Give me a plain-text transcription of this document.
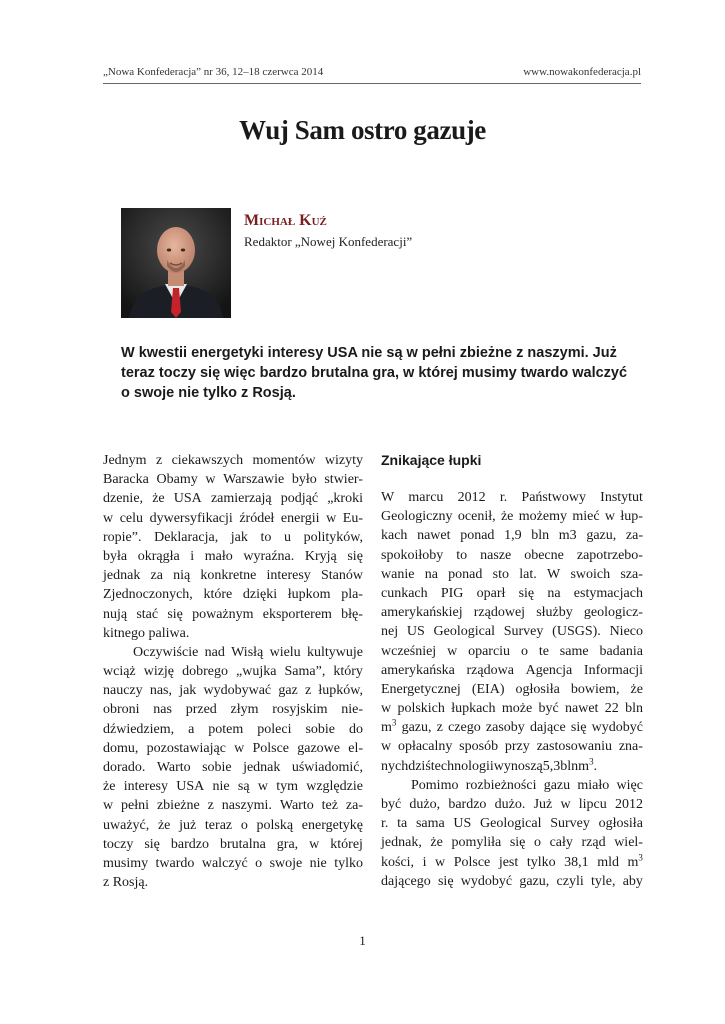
„Nowa Konfederacja” nr 36, 12–18 czerwca 2014	www.nowakonfederacja.pl
Wuj Sam ostro gazuje
Michał Kuź
Redaktor „Nowej Konfederacji”
W kwestii energetyki interesy USA nie są w pełni zbieżne z naszymi. Już
teraz toczy się więc bardzo brutalna gra, w której musimy twardo walczyć
o swoje nie tylko z Rosją.
Jednym z ciekawszych momentów wizyty
Baracka Obamy w Warszawie było stwier-
dzenie, że USA zamierzają podjąć „kroki
w celu dywersyfikacji źródeł energii w Eu-
ropie”. Deklaracja, jak to u polityków,
była okrągła i mało wyraźna. Kryją się
jednak za nią konkretne interesy Stanów
Zjednoczonych, które dzięki łupkom pla-
nują stać się poważnym eksporterem błę-
kitnego paliwa.
Oczywiście nad Wisłą wielu kultywuje
wciąż wizję dobrego „wujka Sama”, który
nauczy nas, jak wydobywać gaz z łupków,
obroni nas przed złym rosyjskim nie-
dźwiedziem, a potem poleci sobie do
domu, pozostawiając w Polsce gazowe el-
dorado. Warto sobie jednak uświadomić,
że interesy USA nie są w tym względzie
w pełni zbieżne z naszymi. Warto też za-
uważyć, że już teraz o polską energetykę
toczy się bardzo brutalna gra, w której
musimy twardo walczyć o swoje nie tylko
z Rosją.
Znikające łupki
W marcu 2012 r. Państwowy Instytut
Geologiczny ocenił, że możemy mieć w łup-
kach nawet ponad 1,9 bln m3 gazu, za-
spokoiłoby to nasze obecne zapotrzebo-
wanie na ponad sto lat. W swoich sza-
cunkach PIG oparł się na estymacjach
amerykańskiej rządowej służby geologicz-
nej US Geological Survey (USGS). Nieco
wcześniej w oparciu o te same badania
amerykańska rządowa Agencja Informacji
Energetycznej (EIA) ogłosiła bowiem, że
w polskich łupkach może być nawet 22 bln
$m^3$ gazu, z czego zasoby dające się wydobyć
w opłacalny sposób przy zastosowaniu zna-
nych dziś technologii wynoszą 5,3 bln $m^3$.
Pomimo rozbieżności gazu miało więc
być dużo, bardzo dużo. Już w lipcu 2012
r. ta sama US Geological Survey ogłosiła
jednak, że pomyliła się o cały rząd wiel-
kości, i w Polsce jest tylko 38,1 mld $m^3$
dającego się wydobyć gazu, czyli tyle, aby
1
